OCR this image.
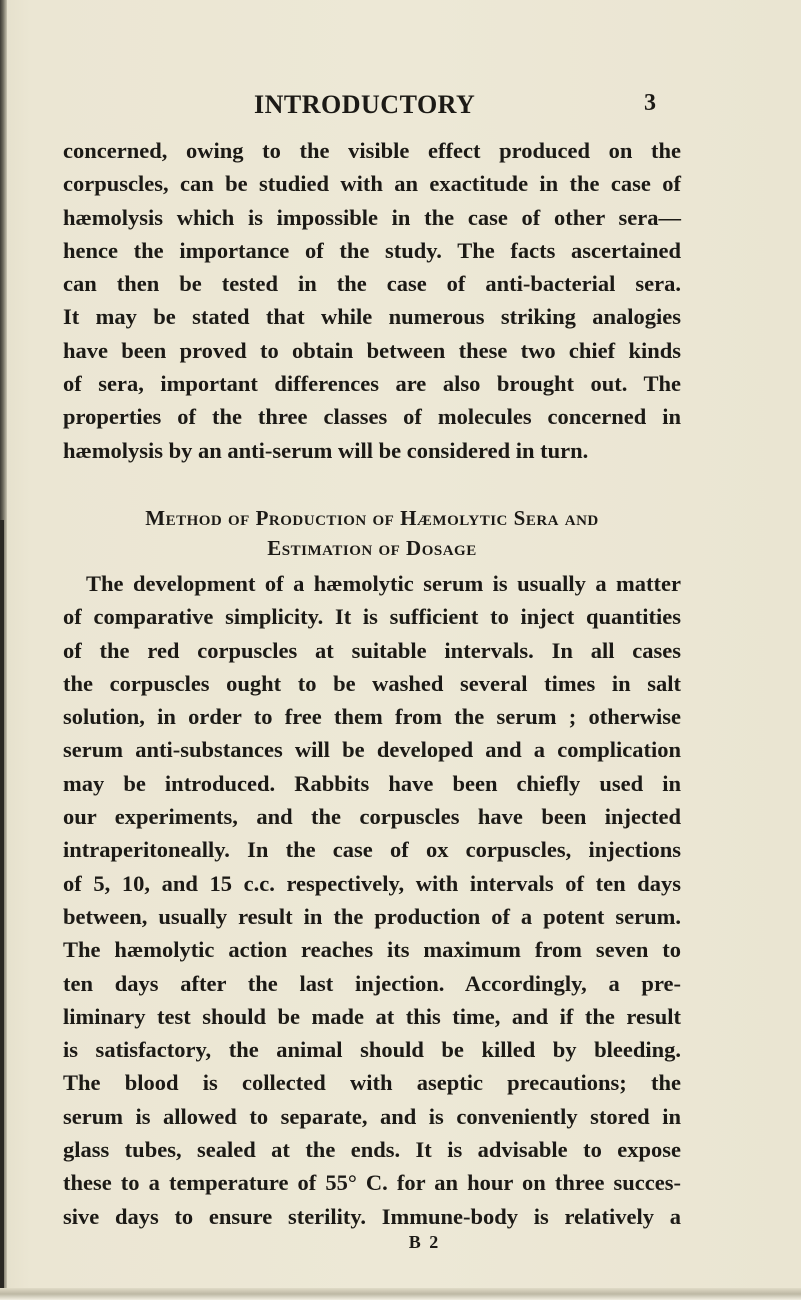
INTRODUCTORY	3
concerned, owing to the visible effect produced on the
corpuscles, can be studied with an exactitude in the case of
hæmolysis which is impossible in the case of other sera—
hence the importance of the study. The facts ascertained
can then be tested in the case of anti-bacterial sera.
It may be stated that while numerous striking analogies
have been proved to obtain between these two chief kinds
of sera, important differences are also brought out. The
properties of the three classes of molecules concerned in
hæmolysis by an anti-serum will be considered in turn.
Method of Production of Hæmolytic Sera and
Estimation of Dosage
The development of a hæmolytic serum is usually a matter
of comparative simplicity. It is sufficient to inject quantities
of the red corpuscles at suitable intervals. In all cases
the corpuscles ought to be washed several times in salt
solution, in order to free them from the serum ; otherwise
serum anti-substances will be developed and a complication
may be introduced. Rabbits have been chiefly used in
our experiments, and the corpuscles have been injected
intraperitoneally. In the case of ox corpuscles, injections
of 5, 10, and 15 c.c. respectively, with intervals of ten days
between, usually result in the production of a potent serum.
The hæmolytic action reaches its maximum from seven to
ten days after the last injection. Accordingly, a pre-
liminary test should be made at this time, and if the result
is satisfactory, the animal should be killed by bleeding.
The blood is collected with aseptic precautions; the
serum is allowed to separate, and is conveniently stored in
glass tubes, sealed at the ends. It is advisable to expose
these to a temperature of 55° C. for an hour on three succes-
sive days to ensure sterility. Immune-body is relatively a
B 2
